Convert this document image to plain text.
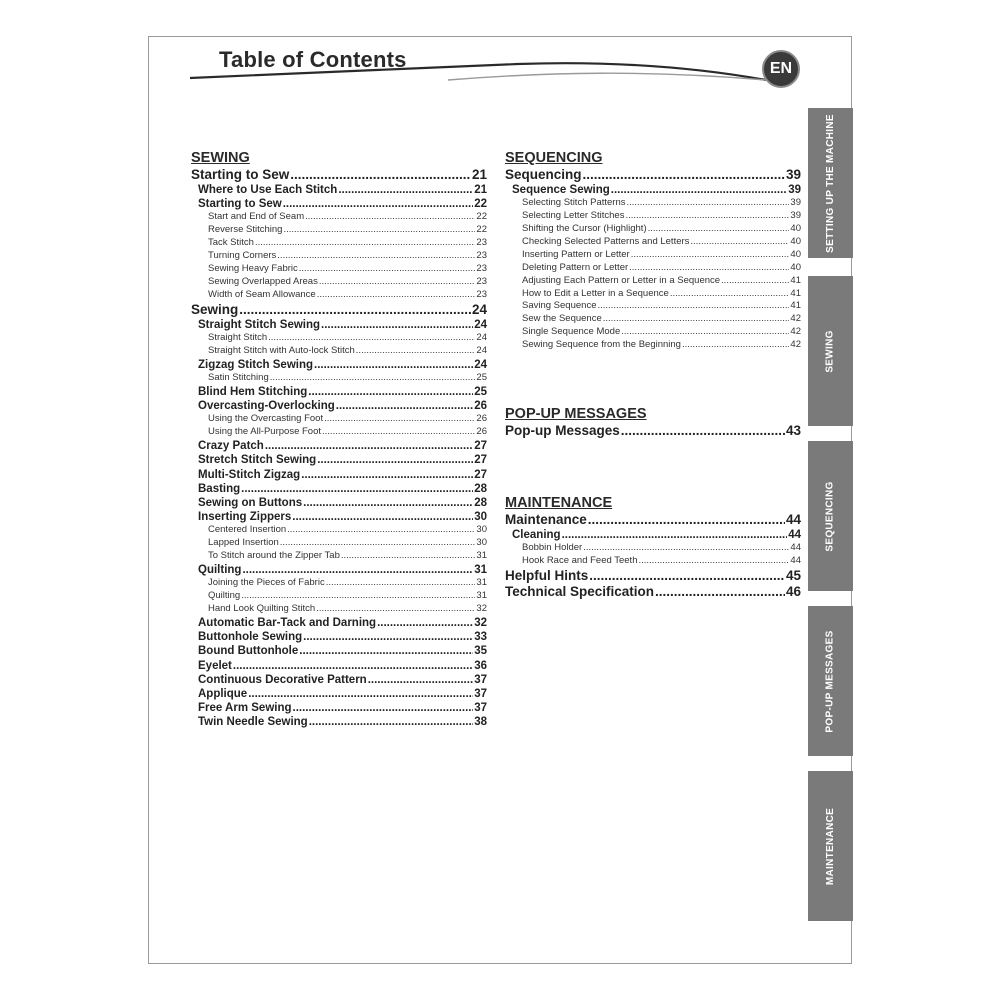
Table of Contents	EN
SEWING
Starting to Sew .....	21
Where to Use Each Stitch .....	21
Starting to Sew .....	22
Start and End of Seam .....	22
Reverse Stitching .....	22
Tack Stitch .....	23
Turning Corners .....	23
Sewing Heavy Fabric .....	23
Sewing Overlapped Areas .....	23
Width of Seam Allowance .....	23
Sewing .....	24
Straight Stitch Sewing .....	24
Straight Stitch .....	24
Straight Stitch with Auto-lock Stitch .....	24
Zigzag Stitch Sewing .....	24
Satin Stitching .....	25
Blind Hem Stitching .....	25
Overcasting-Overlocking .....	26
Using the Overcasting Foot .....	26
Using the All-Purpose Foot .....	26
Crazy Patch .....	27
Stretch Stitch Sewing .....	27
Multi-Stitch Zigzag .....	27
Basting .....	28
Sewing on Buttons .....	28
Inserting Zippers .....	30
Centered Insertion .....	30
Lapped Insertion .....	30
To Stitch around the Zipper Tab .....	31
Quilting .....	31
Joining the Pieces of Fabric .....	31
Quilting .....	31
Hand Look Quilting Stitch .....	32
Automatic Bar-Tack and Darning .....	32
Buttonhole Sewing .....	33
Bound Buttonhole .....	35
Eyelet .....	36
Continuous Decorative Pattern .....	37
Applique .....	37
Free Arm Sewing .....	37
Twin Needle Sewing .....	38
SEQUENCING
Sequencing .....	39
Sequence Sewing .....	39
Selecting Stitch Patterns .....	39
Selecting Letter Stitches .....	39
Shifting the Cursor (Highlight) .....	40
Checking Selected Patterns and Letters .....	40
Inserting Pattern or Letter .....	40
Deleting Pattern or Letter .....	40
Adjusting Each Pattern or Letter in a Sequence .....	41
How to Edit a Letter in a Sequence .....	41
Saving Sequence .....	41
Sew the Sequence .....	42
Single Sequence Mode .....	42
Sewing Sequence from the Beginning .....	42
POP-UP MESSAGES
Pop-up Messages .....	43
MAINTENANCE
Maintenance .....	44
Cleaning .....	44
Bobbin Holder .....	44
Hook Race and Feed Teeth .....	44
Helpful Hints .....	45
Technical Specification .....	46
SETTING UP THE MACHINE
SEWING
SEQUENCING
POP-UP MESSAGES
MAINTENANCE
